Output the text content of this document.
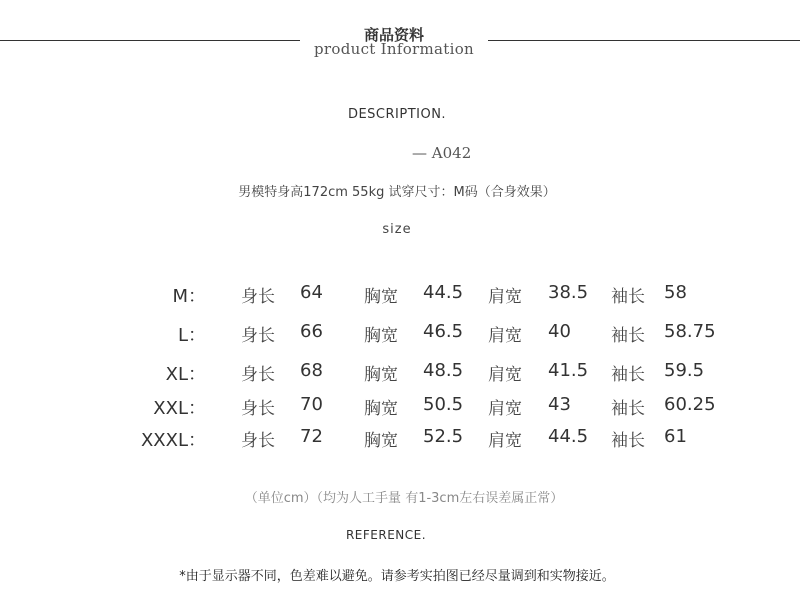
商品资料
product Information
DESCRIPTION.
— A042
男模特身高172cm 55kg 试穿尺寸：M码（合身效果）
size
M： 身长 64 胸宽 44.5 肩宽 38.5 袖长 58
L： 身长 66 胸宽 46.5 肩宽 40 袖长 58.75
XL： 身长 68 胸宽 48.5 肩宽 41.5 袖长 59.5
XXL： 身长 70 胸宽 50.5 肩宽 43 袖长 60.25
XXXL： 身长 72 胸宽 52.5 肩宽 44.5 袖长 61
（单位cm）（均为人工手量 有1-3cm左右误差属正常）
REFERENCE.
*由于显示器不同，色差难以避免。请参考实拍图已经尽量调到和实物接近。
